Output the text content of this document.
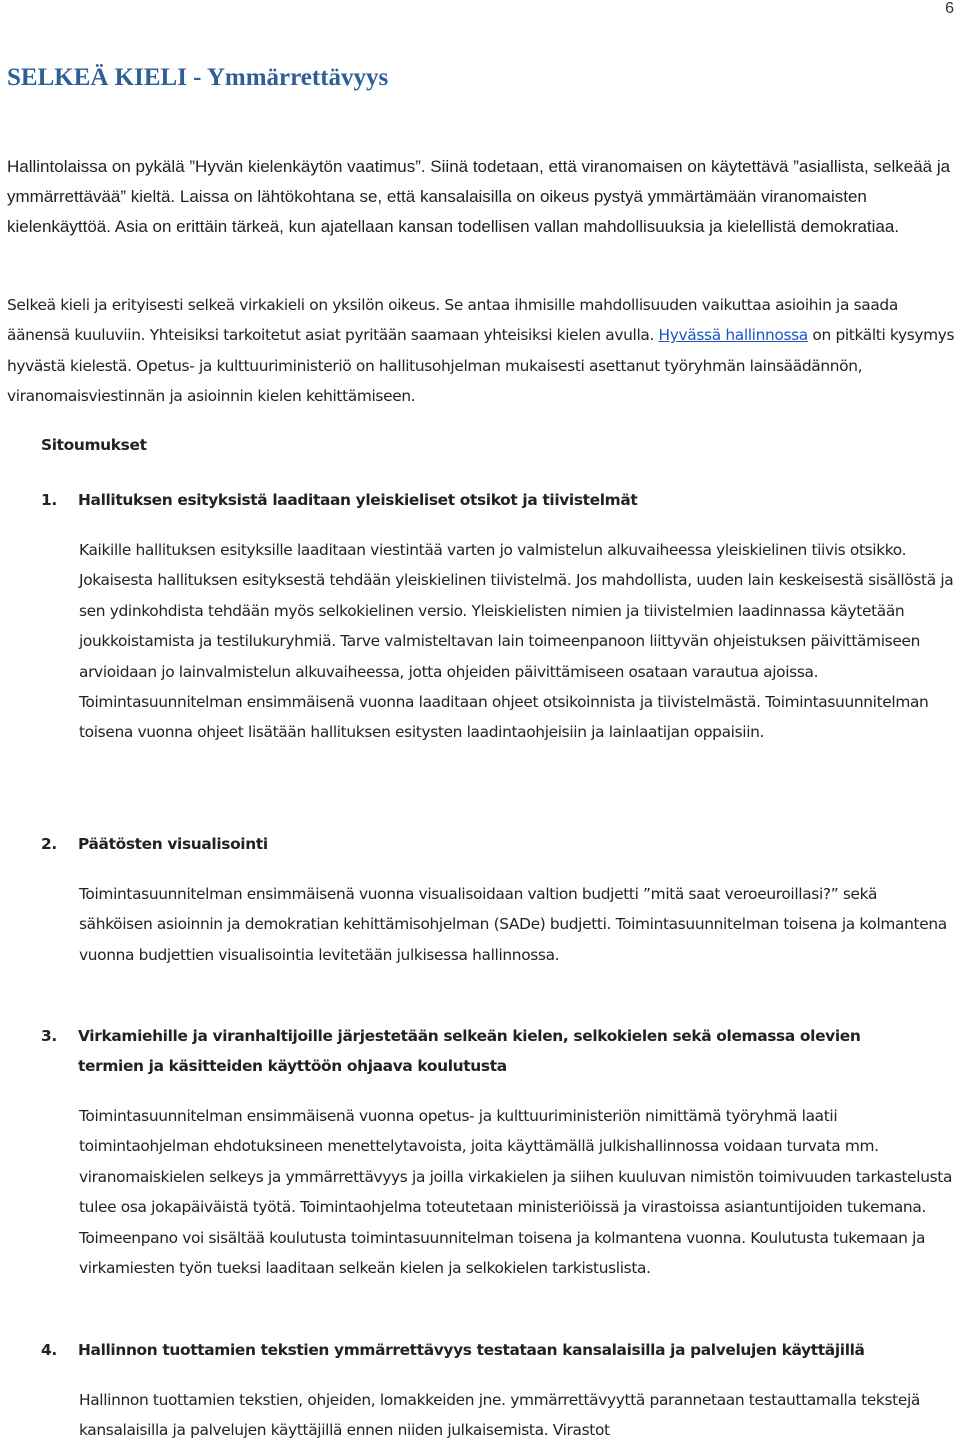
6
SELKEÄ KIELI - Ymmärrettävyys

Hallintolaissa on pykälä ”Hyvän kielenkäytön vaatimus”. Siinä todetaan, että viranomaisen on käytettävä ”asiallista, selkeää ja ymmärrettävää” kieltä. Laissa on lähtökohtana se, että kansalaisilla on oikeus pystyä ymmärtämään viranomaisten kielenkäyttöä. Asia on erittäin tärkeä, kun ajatellaan kansan todellisen vallan mahdollisuuksia ja kielellistä demokratiaa.

Selkeä kieli ja erityisesti selkeä virkakieli on yksilön oikeus. Se antaa ihmisille mahdollisuuden vaikuttaa asioihin ja saada äänensä kuuluviin. Yhteisiksi tarkoitetut asiat pyritään saamaan yhteisiksi kielen avulla. Hyvässä hallinnossa on pitkälti kysymys hyvästä kielestä. Opetus- ja kulttuuriministeriö on hallitusohjelman mukaisesti asettanut työryhmän lainsäädännön, viranomaisviestinnän ja asioinnin kielen kehittämiseen.

Sitoumukset
1. Hallituksen esityksistä laaditaan yleiskieliset otsikot ja tiivistelmät

Kaikille hallituksen esityksille laaditaan viestintää varten jo valmistelun alkuvaiheessa yleiskielinen tiivis otsikko. Jokaisesta hallituksen esityksestä tehdään yleiskielinen tiivistelmä. Jos mahdollista, uuden lain keskeisestä sisällöstä ja sen ydinkohdista tehdään myös selkokielinen versio. Yleiskielisten nimien ja tiivistelmien laadinnassa käytetään joukkoistamista ja testilukuryhmiä. Tarve valmisteltavan lain toimeenpanoon liittyvän ohjeistuksen päivittämiseen arvioidaan jo lainvalmistelun alkuvaiheessa, jotta ohjeiden päivittämiseen osataan varautua ajoissa. Toimintasuunnitelman ensimmäisenä vuonna laaditaan ohjeet otsikoinnista ja tiivistelmästä. Toimintasuunnitelman toisena vuonna ohjeet lisätään hallituksen esitysten laadintaohjeisiin ja lainlaatijan oppaisiin.

2. Päätösten visualisointi

Toimintasuunnitelman ensimmäisenä vuonna visualisoidaan valtion budjetti ”mitä saat veroeuroillasi?” sekä sähköisen asioinnin ja demokratian kehittämisohjelman (SADe) budjetti. Toimintasuunnitelman toisena ja kolmantena vuonna budjettien visualisointia levitetään julkisessa hallinnossa.

3. Virkamiehille ja viranhaltijoille järjestetään selkeän kielen, selkokielen sekä olemassa olevien termien ja käsitteiden käyttöön ohjaava koulutusta

Toimintasuunnitelman ensimmäisenä vuonna opetus- ja kulttuuriministeriön nimittämä työryhmä laatii toimintaohjelman ehdotuksineen menettelytavoista, joita käyttämällä julkishallinnossa voidaan turvata mm. viranomaiskielen selkeys ja ymmärrettävyys ja joilla virkakielen ja siihen kuuluvan nimistön toimivuuden tarkastelusta tulee osa jokapäiväistä työtä. Toimintaohjelma toteutetaan ministeriöissä ja virastoissa asiantuntijoiden tukemana. Toimeenpano voi sisältää koulutusta toimintasuunnitelman toisena ja kolmantena vuonna. Koulutusta tukemaan ja virkamiesten työn tueksi laaditaan selkeän kielen ja selkokielen tarkistuslista.

4. Hallinnon tuottamien tekstien ymmärrettävyys testataan kansalaisilla ja palvelujen käyttäjillä

Hallinnon tuottamien tekstien, ohjeiden, lomakkeiden jne. ymmärrettävyyttä parannetaan testauttamalla tekstejä kansalaisilla ja palvelujen käyttäjillä ennen niiden julkaisemista. Virastot
